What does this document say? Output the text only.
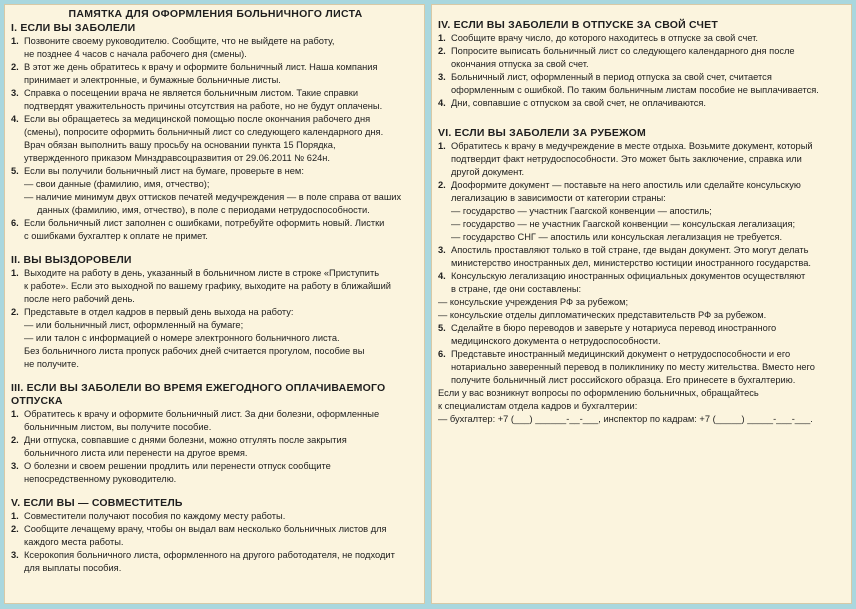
ПАМЯТКА ДЛЯ ОФОРМЛЕНИЯ БОЛЬНИЧНОГО ЛИСТА
I. ЕСЛИ ВЫ ЗАБОЛЕЛИ
1. Позвоните своему руководителю. Сообщите, что не выйдете на работу,
не позднее 4 часов с начала рабочего дня (смены).
2. В этот же день обратитесь к врачу и оформите больничный лист. Наша компания
принимает и электронные, и бумажные больничные листы.
3. Справка о посещении врача не является больничным листом. Такие справки
подтвердят уважительность причины отсутствия на работе, но не будут оплачены.
4. Если вы обращаетесь за медицинской помощью после окончания рабочего дня
(смены), попросите оформить больничный лист со следующего календарного дня.
Врач обязан выполнить вашу просьбу на основании пункта 15 Порядка,
утвержденного приказом Минздравсоцразвития от 29.06.2011 № 624н.
5. Если вы получили больничный лист на бумаге, проверьте в нем:
— свои данные (фамилию, имя, отчество);
— наличие минимум двух оттисков печатей медучреждения — в поле справа от ваших
данных (фамилию, имя, отчество), в поле с периодами нетрудоспособности.
6. Если больничный лист заполнен с ошибками, потребуйте оформить новый. Листки
с ошибками бухгалтер к оплате не примет.
II. ВЫ ВЫЗДОРОВЕЛИ
1. Выходите на работу в день, указанный в больничном листе в строке «Приступить
к работе». Если это выходной по вашему графику, выходите на работу в ближайший
после него рабочий день.
2. Представьте в отдел кадров в первый день выхода на работу:
— или больничный лист, оформленный на бумаге;
— или талон с информацией о номере электронного больничного листа.
Без больничного листа пропуск рабочих дней считается прогулом, пособие вы
не получите.
III. ЕСЛИ ВЫ ЗАБОЛЕЛИ ВО ВРЕМЯ ЕЖЕГОДНОГО ОПЛАЧИВАЕМОГО ОТПУСКА
1. Обратитесь к врачу и оформите больничный лист. За дни болезни, оформленные
больничным листом, вы получите пособие.
2. Дни отпуска, совпавшие с днями болезни, можно отгулять после закрытия
больничного листа или перенести на другое время.
3. О болезни и своем решении продлить или перенести отпуск сообщите
непосредственному руководителю.
V. ЕСЛИ ВЫ — СОВМЕСТИТЕЛЬ
1. Совместители получают пособия по каждому месту работы.
2. Сообщите лечащему врачу, чтобы он выдал вам несколько больничных листов для
каждого места работы.
3. Ксерокопия больничного листа, оформленного на другого работодателя, не подходит
для выплаты пособия.
IV. ЕСЛИ ВЫ ЗАБОЛЕЛИ В ОТПУСКЕ ЗА СВОЙ СЧЕТ
1. Сообщите врачу число, до которого находитесь в отпуске за свой счет.
2. Попросите выписать больничный лист со следующего календарного дня после
окончания отпуска за свой счет.
3. Больничный лист, оформленный в период отпуска за свой счет, считается
оформленным с ошибкой. По таким больничным листам пособие не выплачивается.
4. Дни, совпавшие с отпуском за свой счет, не оплачиваются.
VI. ЕСЛИ ВЫ ЗАБОЛЕЛИ ЗА РУБЕЖОМ
1. Обратитесь к врачу в медучреждение в месте отдыха. Возьмите документ, который
подтвердит факт нетрудоспособности. Это может быть заключение, справка или
другой документ.
2. Дооформите документ — поставьте на него апостиль или сделайте консульскую
легализацию в зависимости от категории страны:
— государство — участник Гаагской конвенции — апостиль;
— государство — не участник Гаагской конвенции — консульская легализация;
— государство СНГ — апостиль или консульская легализация не требуется.
3. Апостиль проставляют только в той стране, где выдан документ. Это могут делать
министерство иностранных дел, министерство юстиции иностранного государства.
4. Консульскую легализацию иностранных официальных документов осуществляют
в стране, где они составлены:
— консульские учреждения РФ за рубежом;
— консульские отделы дипломатических представительств РФ за рубежом.
5. Сделайте в бюро переводов и заверьте у нотариуса перевод иностранного
медицинского документа о нетрудоспособности.
6. Представьте иностранный медицинский документ о нетрудоспособности и его
нотариально заверенный перевод в поликлинику по месту жительства. Вместо него
получите больничный лист российского образца. Его принесете в бухгалтерию.
Если у вас возникнут вопросы по оформлению больничных, обращайтесь
к специалистам отдела кадров и бухгалтерии:
— бухгалтер: +7 (___) ______-__-___, инспектор по кадрам: +7 (_____) _____-___-___.
